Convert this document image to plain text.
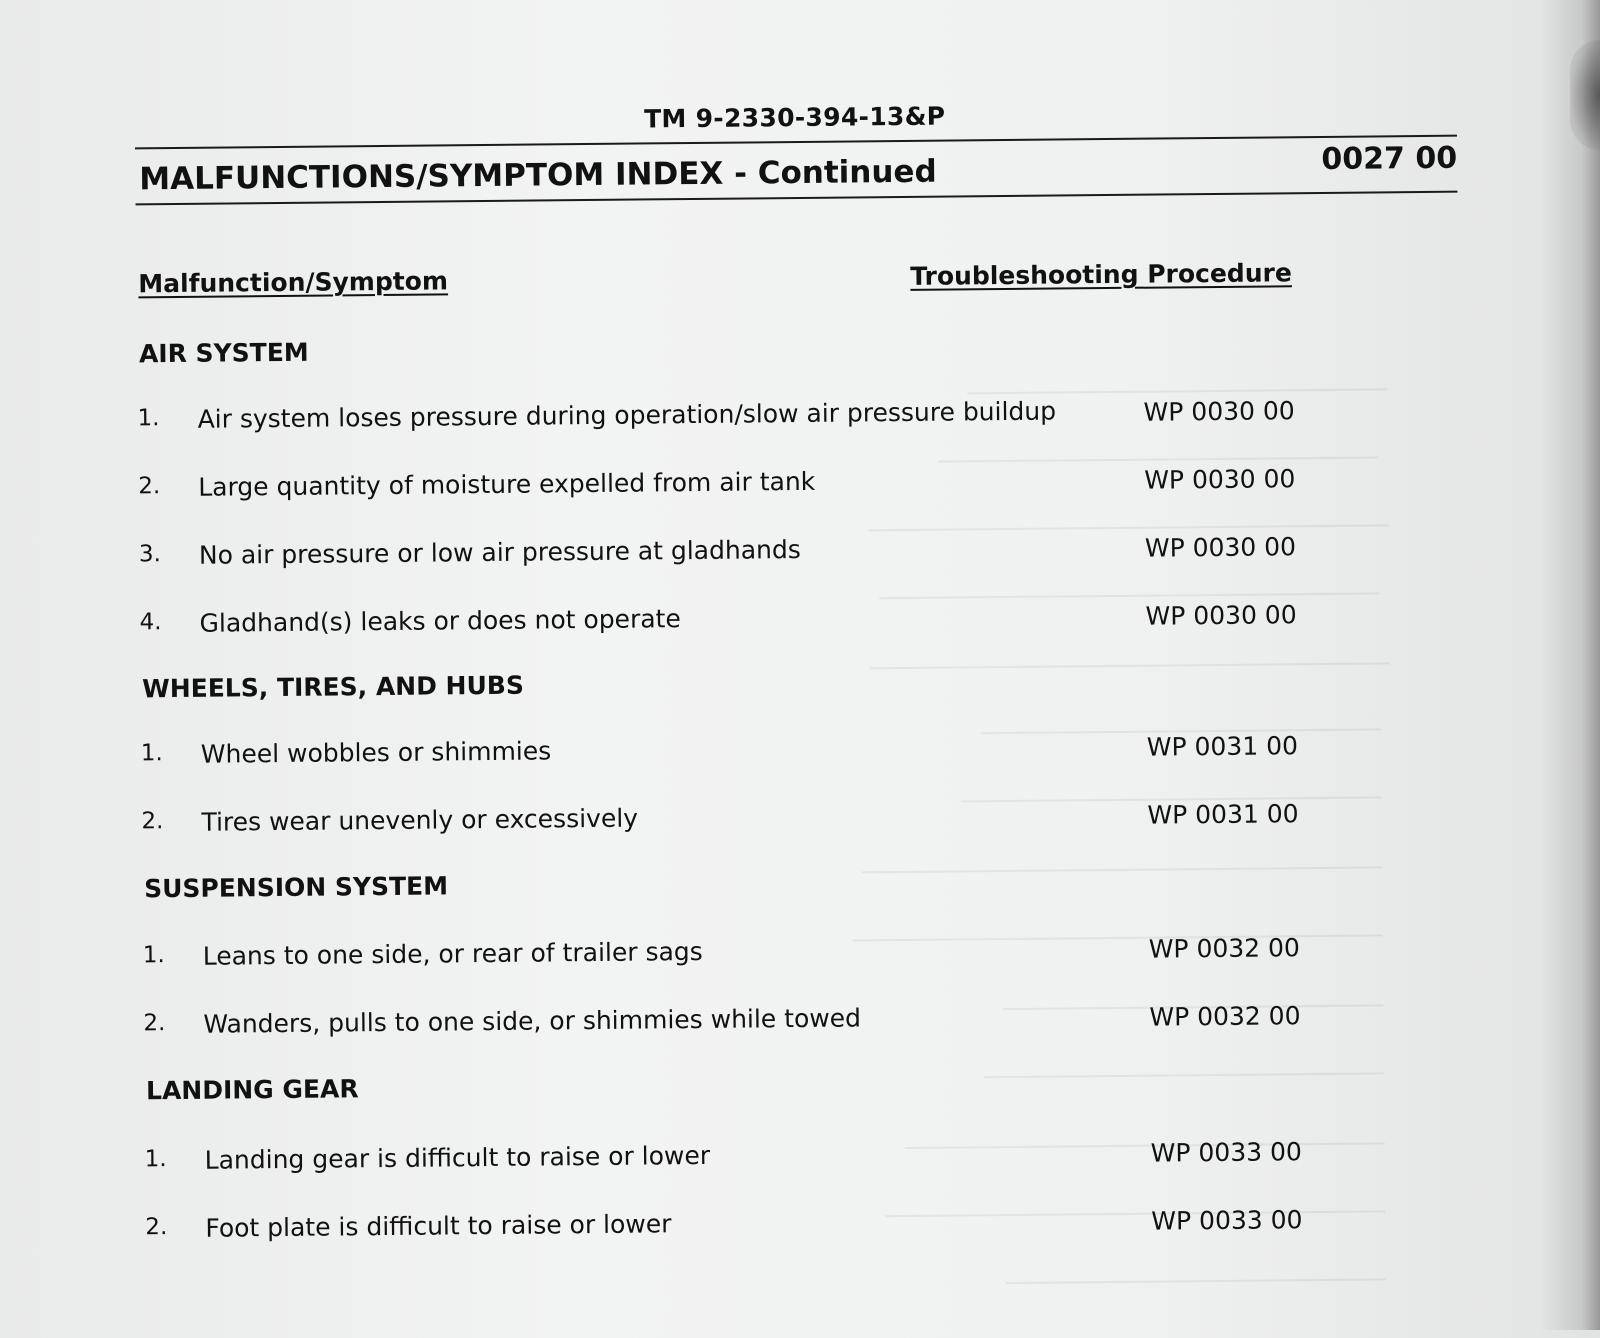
TM 9-2330-394-13&P
MALFUNCTIONS/SYMPTOM INDEX - Continued	0027 00
Malfunction/Symptom	Troubleshooting Procedure
AIR SYSTEM
1. Air system loses pressure during operation/slow air pressure buildup	WP 0030 00
2. Large quantity of moisture expelled from air tank	WP 0030 00
3. No air pressure or low air pressure at gladhands	WP 0030 00
4. Gladhand(s) leaks or does not operate	WP 0030 00
WHEELS, TIRES, AND HUBS
1. Wheel wobbles or shimmies	WP 0031 00
2. Tires wear unevenly or excessively	WP 0031 00
SUSPENSION SYSTEM
1. Leans to one side, or rear of trailer sags	WP 0032 00
2. Wanders, pulls to one side, or shimmies while towed	WP 0032 00
LANDING GEAR
1. Landing gear is difficult to raise or lower	WP 0033 00
2. Foot plate is difficult to raise or lower	WP 0033 00
